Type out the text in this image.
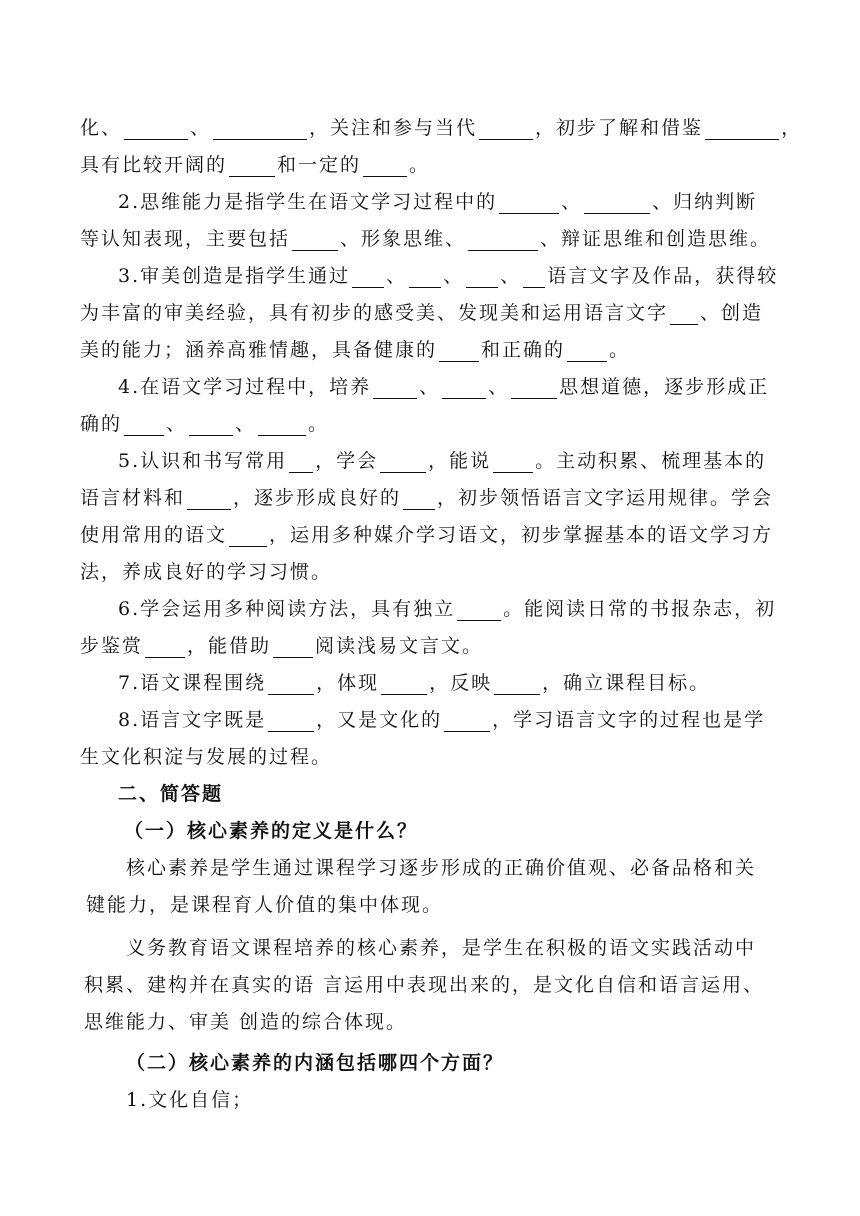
化、	、	，关注和参与当代	，初步了解和借鉴	，
具有比较开阔的	和一定的	。
2.思维能力是指学生在语文学习过程中的	、	、归纳判断
等认知表现，主要包括	、形象思维、	、辩证思维和创造思维。
3.审美创造是指学生通过 、 、 、 语言文字及作品，获得较
为丰富的审美经验，具有初步的感受美、发现美和运用语言文字 、创造
美的能力；涵养高雅情趣，具备健康的 和正确的 。
4.在语文学习过程中，培养	、	、	思想道德，逐步形成正
确的 、	、	。
5.认识和书写常用 ，学会	，能说 。主动积累、梳理基本的
语言材料和	，逐步形成良好的 ，初步领悟语言文字运用规律。学会
使用常用的语文 ，运用多种媒介学习语文，初步掌握基本的语文学习方
法，养成良好的学习习惯。
6.学会运用多种阅读方法，具有独立	。能阅读日常的书报杂志，初
步鉴赏 ，能借助 阅读浅易文言文。
7.语文课程围绕	，体现	，反映	，确立课程目标。
8.语言文字既是	，又是文化的	，学习语言文字的过程也是学
生文化积淀与发展的过程。
二、简答题
（一）核心素养的定义是什么？
核心素养是学生通过课程学习逐步形成的正确价值观、必备品格和关
键能力，是课程育人价值的集中体现。
义务教育语文课程培养的核心素养，是学生在积极的语文实践活动中
积累、建构并在真实的语 言运用中表现出来的，是文化自信和语言运用、
思维能力、审美 创造的综合体现。
（二）核心素养的内涵包括哪四个方面？
1.文化自信；
